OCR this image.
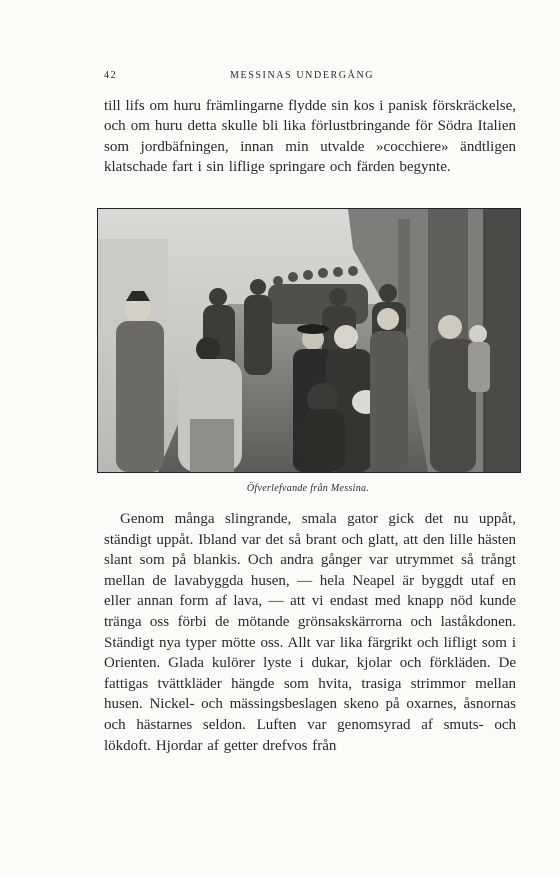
42	MESSINAS UNDERGÅNG

till lifs om huru främlingarne flydde sin kos i panisk förskräckelse, och om huru detta skulle bli lika förlustbringande för Södra Italien som jordbäfningen, innan min utvalde »cocchiere» ändtligen klatschade fart i sin liflige springare och färden begynte.

Öfverlefvande från Messina.

Genom många slingrande, smala gator gick det nu uppåt, ständigt uppåt. Ibland var det så brant och glatt, att den lille hästen slant som på blankis. Och andra gånger var utrymmet så trångt mellan de lavabyggda husen, — hela Neapel är byggdt utaf en eller annan form af lava, — att vi endast med knapp nöd kunde tränga oss förbi de mötande grönsakskärrorna och laståkdonen. Ständigt nya typer mötte oss. Allt var lika färgrikt och lifligt som i Orienten. Glada kulörer lyste i dukar, kjolar och förkläden. De fattigas tvättkläder hängde som hvita, trasiga strimmor mellan husen. Nickel- och mässingsbeslagen skeno på oxarnes, åsnornas och hästarnes seldon. Luften var genomsyrad af smuts- och lökdoft. Hjordar af getter drefvos från
